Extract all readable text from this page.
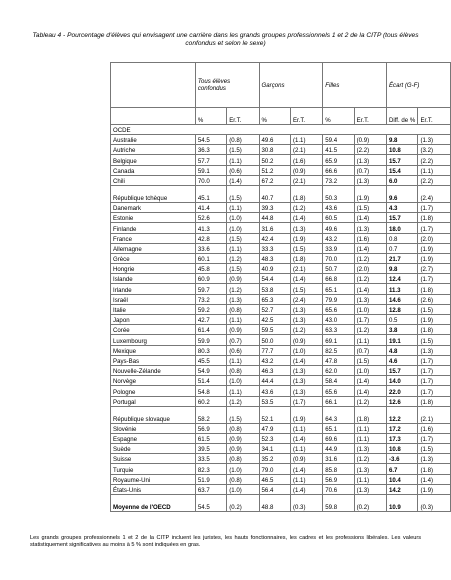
Tableau 4 - Pourcentage d'élèves qui envisagent une carrière dans les grands groupes professionnels 1 et 2 de la CITP (tous élèves confondus et selon le sexe)
	Tous élèves confondus		Garçons		Filles		Écart (G-F)	
	%	Er.T.	%	Er.T.	%	Er.T.	Diff. de %	Er.T.
OCDE								
Australie	54.5	(0.8)	49.6	(1.1)	59.4	(0.9)	9.8	(1.3)
Autriche	36.3	(1.5)	30.8	(2.1)	41.5	(2.2)	10.8	(3.2)
Belgique	57.7	(1.1)	50.2	(1.6)	65.9	(1.3)	15.7	(2.2)
Canada	59.1	(0.6)	51.2	(0.9)	66.6	(0.7)	15.4	(1.1)
Chili	70.0	(1.4)	67.2	(2.1)	73.2	(1.3)	6.0	(2.2)
République tchèque	45.1	(1.5)	40.7	(1.8)	50.3	(1.9)	9.6	(2.4)
Danemark	41.4	(1.1)	39.3	(1.2)	43.6	(1.5)	4.3	(1.7)
Estonie	52.6	(1.0)	44.8	(1.4)	60.5	(1.4)	15.7	(1.8)
Finlande	41.3	(1.0)	31.6	(1.3)	49.6	(1.3)	18.0	(1.7)
France	42.8	(1.5)	42.4	(1.9)	43.2	(1.6)	0.8	(2.0)
Allemagne	33.6	(1.1)	33.3	(1.5)	33.9	(1.4)	0.7	(1.9)
Grèce	60.1	(1.2)	48.3	(1.8)	70.0	(1.2)	21.7	(1.9)
Hongrie	45.8	(1.5)	40.9	(2.1)	50.7	(2.0)	9.8	(2.7)
Islande	60.9	(0.9)	54.4	(1.4)	66.8	(1.2)	12.4	(1.7)
Irlande	59.7	(1.2)	53.8	(1.5)	65.1	(1.4)	11.3	(1.8)
Israël	73.2	(1.3)	65.3	(2.4)	79.9	(1.3)	14.6	(2.6)
Italie	59.2	(0.8)	52.7	(1.3)	65.6	(1.0)	12.8	(1.5)
Japon	42.7	(1.1)	42.5	(1.3)	43.0	(1.7)	0.5	(1.9)
Corée	61.4	(0.9)	59.5	(1.2)	63.3	(1.2)	3.8	(1.8)
Luxembourg	59.9	(0.7)	50.0	(0.9)	69.1	(1.1)	19.1	(1.5)
Mexique	80.3	(0.6)	77.7	(1.0)	82.5	(0.7)	4.8	(1.3)
Pays-Bas	45.5	(1.1)	43.2	(1.4)	47.8	(1.5)	4.6	(1.7)
Nouvelle-Zélande	54.9	(0.8)	46.3	(1.3)	62.0	(1.0)	15.7	(1.7)
Norvège	51.4	(1.0)	44.4	(1.3)	58.4	(1.4)	14.0	(1.7)
Pologne	54.8	(1.1)	43.6	(1.3)	65.6	(1.4)	22.0	(1.7)
Portugal	60.2	(1.2)	53.5	(1.7)	66.1	(1.2)	12.6	(1.8)
République slovaque	58.2	(1.5)	52.1	(1.9)	64.3	(1.8)	12.2	(2.1)
Slovénie	56.9	(0.8)	47.9	(1.1)	65.1	(1.1)	17.2	(1.6)
Espagne	61.5	(0.9)	52.3	(1.4)	69.6	(1.1)	17.3	(1.7)
Suède	39.5	(0.9)	34.1	(1.1)	44.9	(1.3)	10.8	(1.5)
Suisse	33.5	(0.8)	35.2	(0.9)	31.6	(1.2)	-3.6	(1.3)
Turquie	82.3	(1.0)	79.0	(1.4)	85.8	(1.3)	6.7	(1.8)
Royaume-Uni	51.9	(0.8)	46.5	(1.1)	56.9	(1.1)	10.4	(1.4)
États-Unis	63.7	(1.0)	56.4	(1.4)	70.6	(1.3)	14.2	(1.9)
Moyenne de l'OECD	54.5	(0.2)	48.8	(0.3)	59.8	(0.2)	10.9	(0.3)
Les grands groupes professionnels 1 et 2 de la CITP incluent les juristes, les hauts fonctionnaires, les cadres et les professions libérales. Les valeurs statistiquement significatives au moins à 5 % sont indiquées en gras.
